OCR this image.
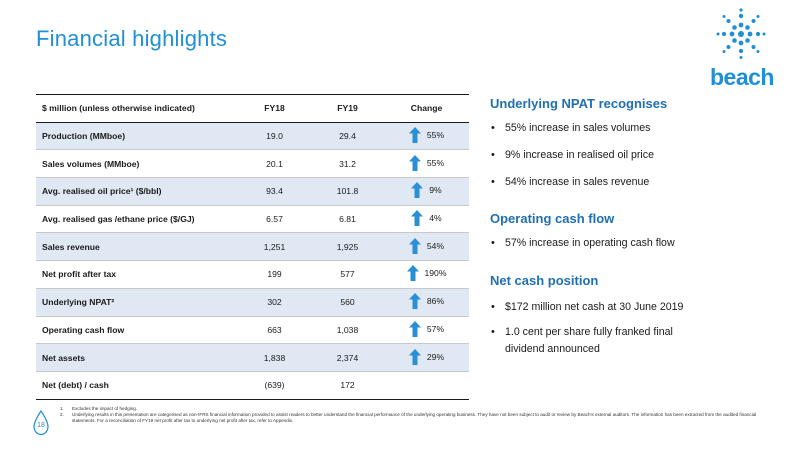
Financial highlights
beach
$ million (unless otherwise indicated)	FY18	FY19	Change
Production (MMboe)	19.0	29.4	55%

Sales volumes (MMboe)	20.1	31.2	55%

Avg. realised oil price¹ ($/bbl)	93.4	101.8	9%

Avg. realised gas /ethane price ($/GJ)	6.57	6.81	4%

Sales revenue	1,251	1,925	54%

Net profit after tax	199	577	190%

Underlying NPAT²	302	560	86%

Operating cash flow	663	1,038	57%

Net assets	1,838	2,374	29%

Net (debt) / cash	(639)	172	
Underlying NPAT recognises
• 55% increase in sales volumes
• 9% increase in realised oil price
• 54% increase in sales revenue
Operating cash flow
• 57% increase in operating cash flow
Net cash position
• $172 million net cash at 30 June 2019
• 1.0 cent per share fully franked final dividend announced
18
1.	Excludes the impact of hedging.
2.	Underlying results in this presentation are categorised as non-IFRS financial information provided to assist readers to better understand the financial performance of the underlying operating business. They have not been subject to audit or review by Beach's external auditors. The information has been extracted from the audited financial statements. For a reconciliation of FY19 net profit after tax to underlying net profit after tax, refer to Appendix.
